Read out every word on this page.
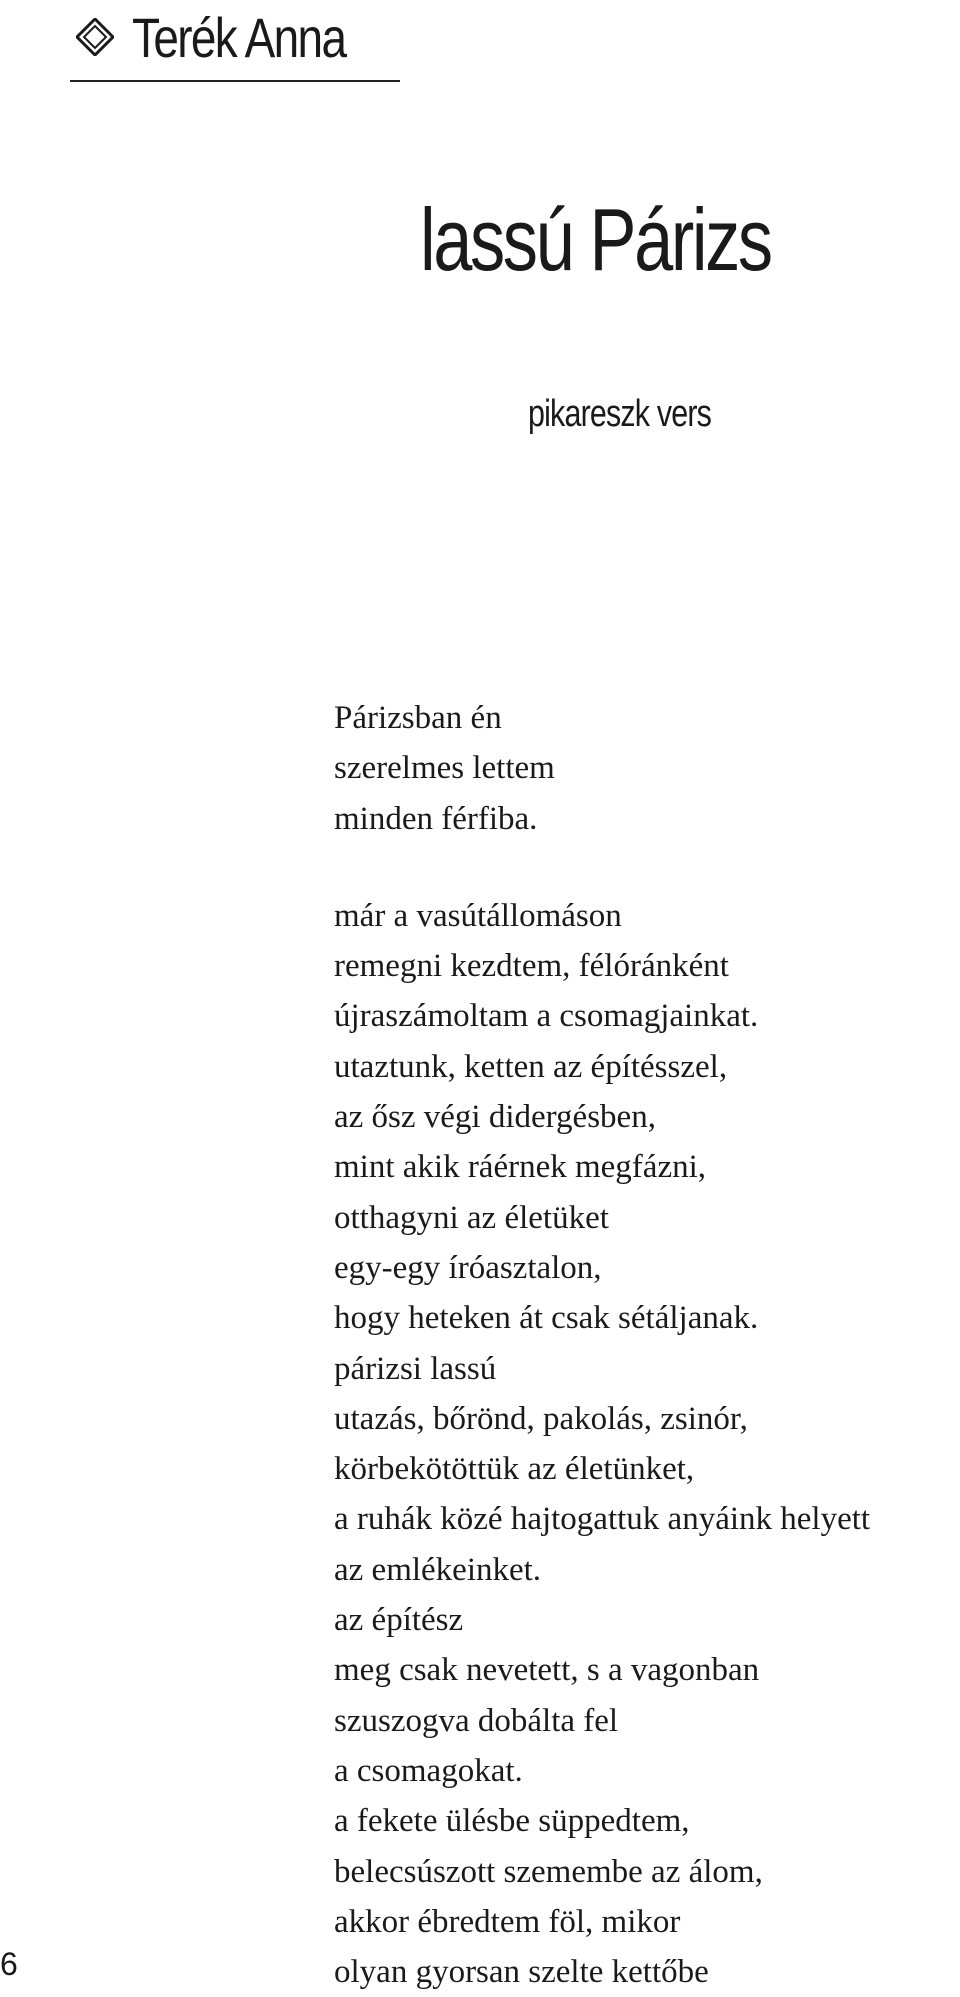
Terék Anna
lassú Párizs
pikareszk vers
Párizsban én
szerelmes lettem
minden férfiba.
már a vasútállomáson
remegni kezdtem, félóránként
újraszámoltam a csomagjainkat.
utaztunk, ketten az építésszel,
az ősz végi didergésben,
mint akik ráérnek megfázni,
otthagyni az életüket
egy-egy íróasztalon,
hogy heteken át csak sétáljanak.
párizsi lassú
utazás, bőrönd, pakolás, zsinór,
körbekötöttük az életünket,
a ruhák közé hajtogattuk anyáink helyett
az emlékeinket.
az építész
meg csak nevetett, s a vagonban
szuszogva dobálta fel
a csomagokat.
a fekete ülésbe süppedtem,
belecsúszott szemembe az álom,
akkor ébredtem föl, mikor
olyan gyorsan szelte kettőbe
6
